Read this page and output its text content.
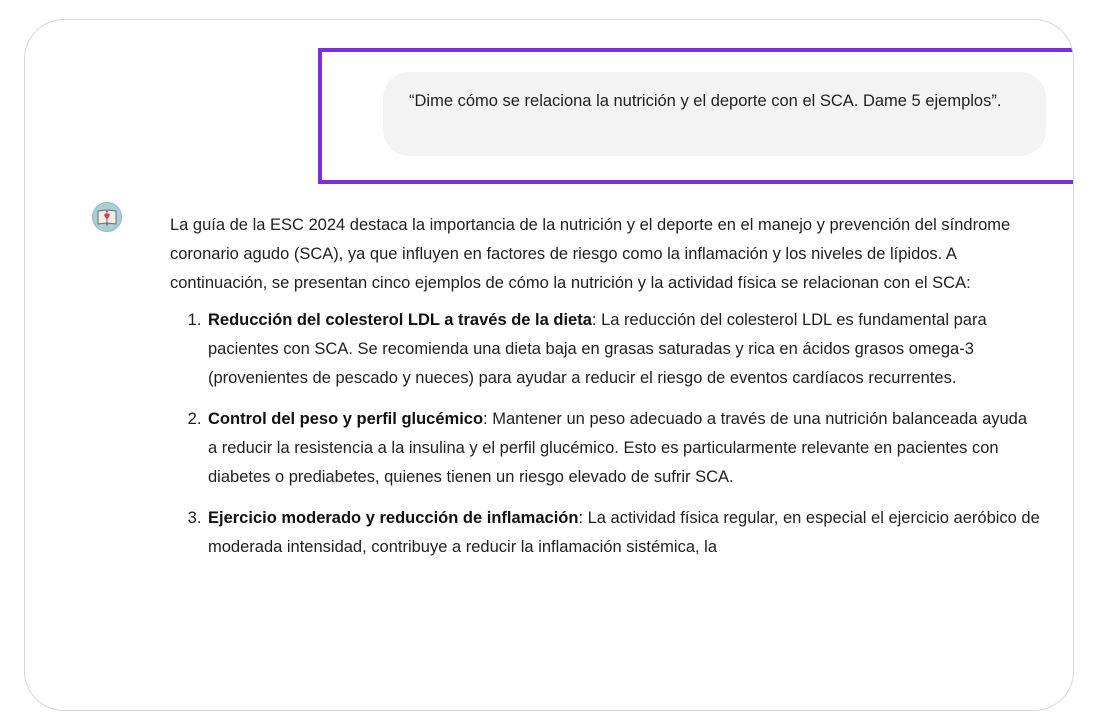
“Dime cómo se relaciona la nutrición y el deporte con el SCA. Dame 5 ejemplos”.

La guía de la ESC 2024 destaca la importancia de la nutrición y el deporte en el manejo y prevención del síndrome coronario agudo (SCA), ya que influyen en factores de riesgo como la inflamación y los niveles de lípidos. A continuación, se presentan cinco ejemplos de cómo la nutrición y la actividad física se relacionan con el SCA:

1. Reducción del colesterol LDL a través de la dieta: La reducción del colesterol LDL es fundamental para pacientes con SCA. Se recomienda una dieta baja en grasas saturadas y rica en ácidos grasos omega-3 (provenientes de pescado y nueces) para ayudar a reducir el riesgo de eventos cardíacos recurrentes.
2. Control del peso y perfil glucémico: Mantener un peso adecuado a través de una nutrición balanceada ayuda a reducir la resistencia a la insulina y el perfil glucémico. Esto es particularmente relevante en pacientes con diabetes o prediabetes, quienes tienen un riesgo elevado de sufrir SCA.
3. Ejercicio moderado y reducción de inflamación: La actividad física regular, en especial el ejercicio aeróbico de moderada intensidad, contribuye a reducir la inflamación sistémica, la
